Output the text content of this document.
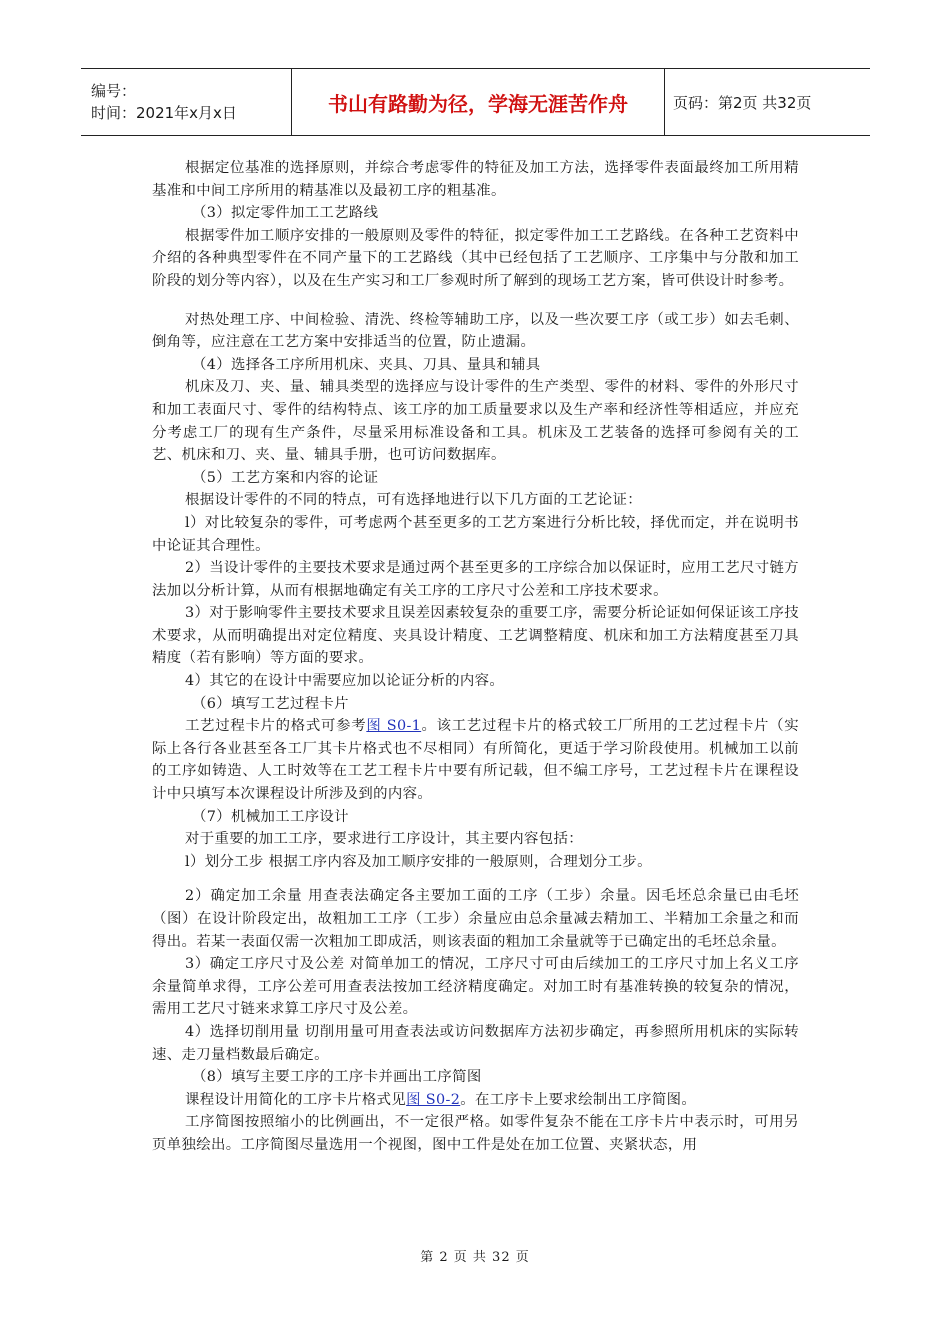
编号：
时间：2021年x月x日	书山有路勤为径，学海无涯苦作舟	页码：第2页 共32页

根据定位基准的选择原则，并综合考虑零件的特征及加工方法，选择零件表面最终加工所用精基准和中间工序所用的精基准以及最初工序的粗基准。

（3）拟定零件加工工艺路线

根据零件加工顺序安排的一般原则及零件的特征，拟定零件加工工艺路线。在各种工艺资料中介绍的各种典型零件在不同产量下的工艺路线（其中已经包括了工艺顺序、工序集中与分散和加工阶段的划分等内容），以及在生产实习和工厂参观时所了解到的现场工艺方案，皆可供设计时参考。

对热处理工序、中间检验、清洗、终检等辅助工序，以及一些次要工序（或工步）如去毛刺、倒角等，应注意在工艺方案中安排适当的位置，防止遗漏。

（4）选择各工序所用机床、夹具、刀具、量具和辅具

机床及刀、夹、量、辅具类型的选择应与设计零件的生产类型、零件的材料、零件的外形尺寸和加工表面尺寸、零件的结构特点、该工序的加工质量要求以及生产率和经济性等相适应，并应充分考虑工厂的现有生产条件，尽量采用标准设备和工具。机床及工艺装备的选择可参阅有关的工艺、机床和刀、夹、量、辅具手册，也可访问数据库。

（5）工艺方案和内容的论证

根据设计零件的不同的特点，可有选择地进行以下几方面的工艺论证：

l）对比较复杂的零件，可考虑两个甚至更多的工艺方案进行分析比较，择优而定，并在说明书中论证其合理性。

2）当设计零件的主要技术要求是通过两个甚至更多的工序综合加以保证时，应用工艺尺寸链方法加以分析计算，从而有根据地确定有关工序的工序尺寸公差和工序技术要求。

3）对于影响零件主要技术要求且误差因素较复杂的重要工序，需要分析论证如何保证该工序技术要求，从而明确提出对定位精度、夹具设计精度、工艺调整精度、机床和加工方法精度甚至刀具精度（若有影响）等方面的要求。

4）其它的在设计中需要应加以论证分析的内容。

（6）填写工艺过程卡片

工艺过程卡片的格式可参考图 S0-1。该工艺过程卡片的格式较工厂所用的工艺过程卡片（实际上各行各业甚至各工厂其卡片格式也不尽相同）有所简化，更适于学习阶段使用。机械加工以前的工序如铸造、人工时效等在工艺工程卡片中要有所记载，但不编工序号，工艺过程卡片在课程设计中只填写本次课程设计所涉及到的内容。

（7）机械加工工序设计

对于重要的加工工序，要求进行工序设计，其主要内容包括：

l）划分工步 根据工序内容及加工顺序安排的一般原则，合理划分工步。

2）确定加工余量 用查表法确定各主要加工面的工序（工步）余量。因毛坯总余量已由毛坯（图）在设计阶段定出，故粗加工工序（工步）余量应由总余量减去精加工、半精加工余量之和而得出。若某一表面仅需一次粗加工即成活，则该表面的粗加工余量就等于已确定出的毛坯总余量。

3）确定工序尺寸及公差 对简单加工的情况，工序尺寸可由后续加工的工序尺寸加上名义工序余量简单求得，工序公差可用查表法按加工经济精度确定。对加工时有基准转换的较复杂的情况，需用工艺尺寸链来求算工序尺寸及公差。

4）选择切削用量 切削用量可用查表法或访问数据库方法初步确定，再参照所用机床的实际转速、走刀量档数最后确定。

（8）填写主要工序的工序卡并画出工序简图

课程设计用简化的工序卡片格式见图 S0-2。在工序卡上要求绘制出工序简图。

工序简图按照缩小的比例画出，不一定很严格。如零件复杂不能在工序卡片中表示时，可用另页单独绘出。工序简图尽量选用一个视图，图中工件是处在加工位置、夹紧状态，用

第 2 页 共 32 页
